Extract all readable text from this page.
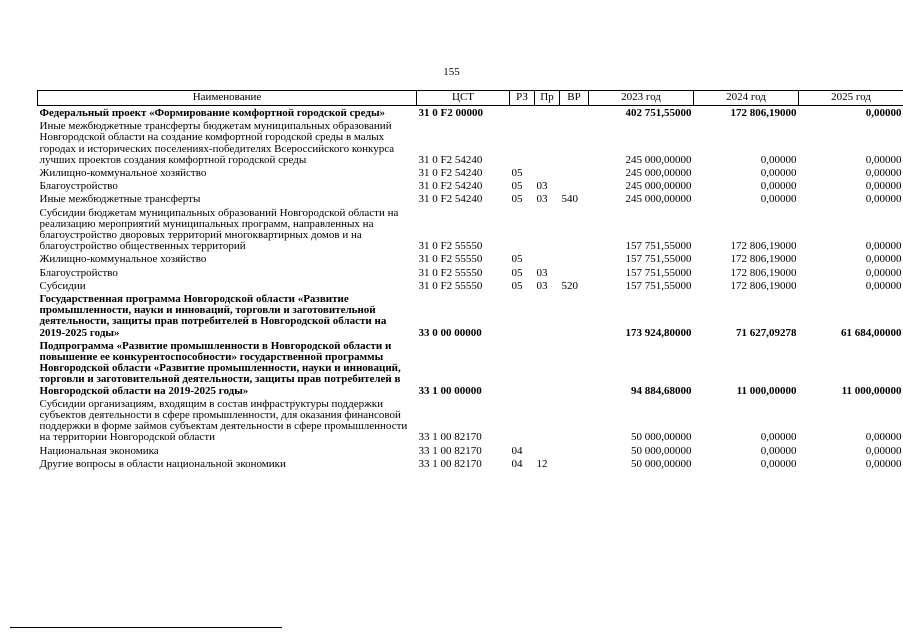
155
Наименование	ЦСТ	РЗ	Пр	ВР	2023 год	2024 год	2025 год
Федеральный проект «Формирование комфортной городской среды»	31 0 F2 00000				402 751,55000	172 806,19000	0,00000
Иные межбюджетные трансферты бюджетам муниципальных образований Новгородской области на создание комфортной городской среды в малых городах и исторических поселениях-победителях Всероссийского конкурса лучших проектов создания комфортной городской среды	31 0 F2 54240				245 000,00000	0,00000	0,00000
Жилищно-коммунальное хозяйство	31 0 F2 54240	05			245 000,00000	0,00000	0,00000
Благоустройство	31 0 F2 54240	05	03		245 000,00000	0,00000	0,00000
Иные межбюджетные трансферты	31 0 F2 54240	05	03	540	245 000,00000	0,00000	0,00000
Субсидии бюджетам муниципальных образований Новгородской области на реализацию мероприятий муниципальных программ, направленных на благоустройство дворовых территорий многоквартирных домов и на благоустройство общественных территорий	31 0 F2 55550				157 751,55000	172 806,19000	0,00000
Жилищно-коммунальное хозяйство	31 0 F2 55550	05			157 751,55000	172 806,19000	0,00000
Благоустройство	31 0 F2 55550	05	03		157 751,55000	172 806,19000	0,00000
Субсидии	31 0 F2 55550	05	03	520	157 751,55000	172 806,19000	0,00000
Государственная программа Новгородской области «Развитие промышленности, науки и инноваций, торговли и заготовительной деятельности, защиты прав потребителей в Новгородской области на 2019-2025 годы»	33 0 00 00000				173 924,80000	71 627,09278	61 684,00000
Подпрограмма «Развитие промышленности в Новгородской области и повышение ее конкурентоспособности» государственной программы Новгородской области «Развитие промышленности, науки и инноваций, торговли и заготовительной деятельности, защиты прав потребителей в Новгородской области на 2019-2025 годы»	33 1 00 00000				94 884,68000	11 000,00000	11 000,00000
Субсидии организациям, входящим в состав инфраструктуры поддержки субъектов деятельности в сфере промышленности, для оказания финансовой поддержки в форме займов субъектам деятельности в сфере промышленности на территории Новгородской области	33 1 00 82170				50 000,00000	0,00000	0,00000
Национальная экономика	33 1 00 82170	04			50 000,00000	0,00000	0,00000
Другие вопросы в области национальной экономики	33 1 00 82170	04	12		50 000,00000	0,00000	0,00000
